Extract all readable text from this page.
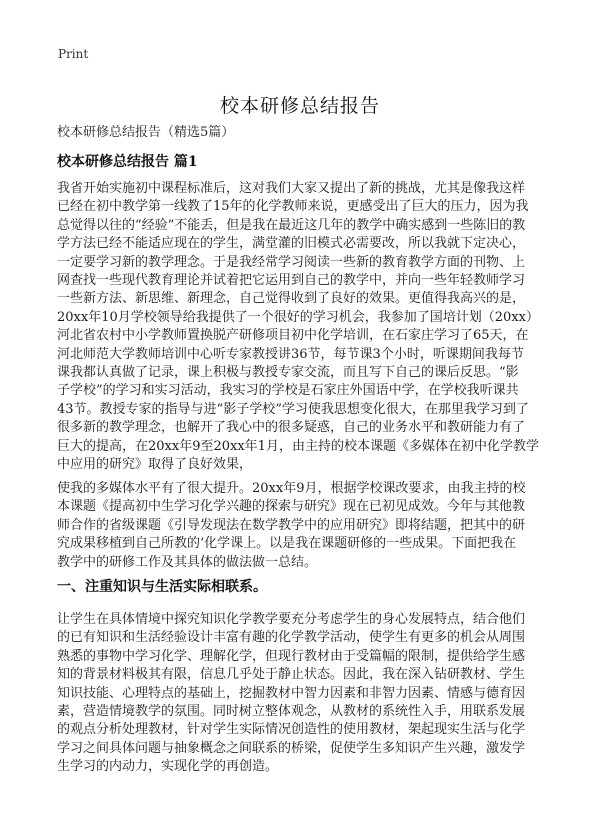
Print
校本研修总结报告
校本研修总结报告（精选5篇）
校本研修总结报告 篇1
我省开始实施初中课程标准后，这对我们大家又提出了新的挑战，尤其是像我这样
已经在初中教学第一线教了15年的化学教师来说，更感受出了巨大的压力，因为我
总觉得以往的“经验”不能丢，但是我在最近这几年的教学中确实感到一些陈旧的教
学方法已经不能适应现在的学生，满堂灌的旧模式必需要改，所以我就下定决心，
一定要学习新的教学理念。于是我经常学习阅读一些新的教育教学方面的刊物、上
网查找一些现代教育理论并试着把它运用到自己的教学中，并向一些年轻教师学习
一些新方法、新思维、新理念，自己觉得收到了良好的效果。更值得我高兴的是，
20xx年10月学校领导给我提供了一个很好的学习机会，我参加了国培计划（20xx）
河北省农村中小学教师置换脱产研修项目初中化学培训，在石家庄学习了65天，在
河北师范大学教师培训中心听专家教授讲36节，每节课3个小时，听课期间我每节
课我都认真做了记录，课上积极与教授专家交流，而且写下自己的课后反思。“影
子学校”的学习和实习活动，我实习的学校是石家庄外国语中学，在学校我听课共
43节。教授专家的指导与进“影子学校”学习使我思想变化很大，在那里我学习到了
很多新的教学理念，也解开了我心中的很多疑惑，自己的业务水平和教研能力有了
巨大的提高，在20xx年9至20xx年1月，由主持的校本课题《多媒体在初中化学教学
中应用的研究》取得了良好效果，
使我的多媒体水平有了很大提升。20xx年9月，根据学校课改要求，由我主持的校
本课题《提高初中生学习化学兴趣的探索与研究》现在已初见成效。今年与其他教
师合作的省级课题《引导发现法在数学教学中的应用研究》即将结题，把其中的研
究成果移植到自己所教的‘化学课上。以是我在课题研修的一些成果。下面把我在
教学中的研修工作及其具体的做法做一总结。
一、注重知识与生活实际相联系。
让学生在具体情境中探究知识化学教学要充分考虑学生的身心发展特点，结合他们
的已有知识和生活经验设计丰富有趣的化学教学活动，使学生有更多的机会从周围
熟悉的事物中学习化学、理解化学，但现行教材由于受篇幅的限制，提供给学生感
知的背景材料极其有限，信息几乎处于静止状态。因此，我在深入钻研教材、学生
知识技能、心理特点的基础上，挖掘教材中智力因素和非智力因素、情感与德育因
素，营造情境教学的氛围。同时树立整体观念，从教材的系统性入手，用联系发展
的观点分析处理教材，针对学生实际情况创造性的使用教材，架起现实生活与化学
学习之间具体问题与抽象概念之间联系的桥梁，促使学生多知识产生兴趣，激发学
生学习的内动力，实现化学的再创造。
